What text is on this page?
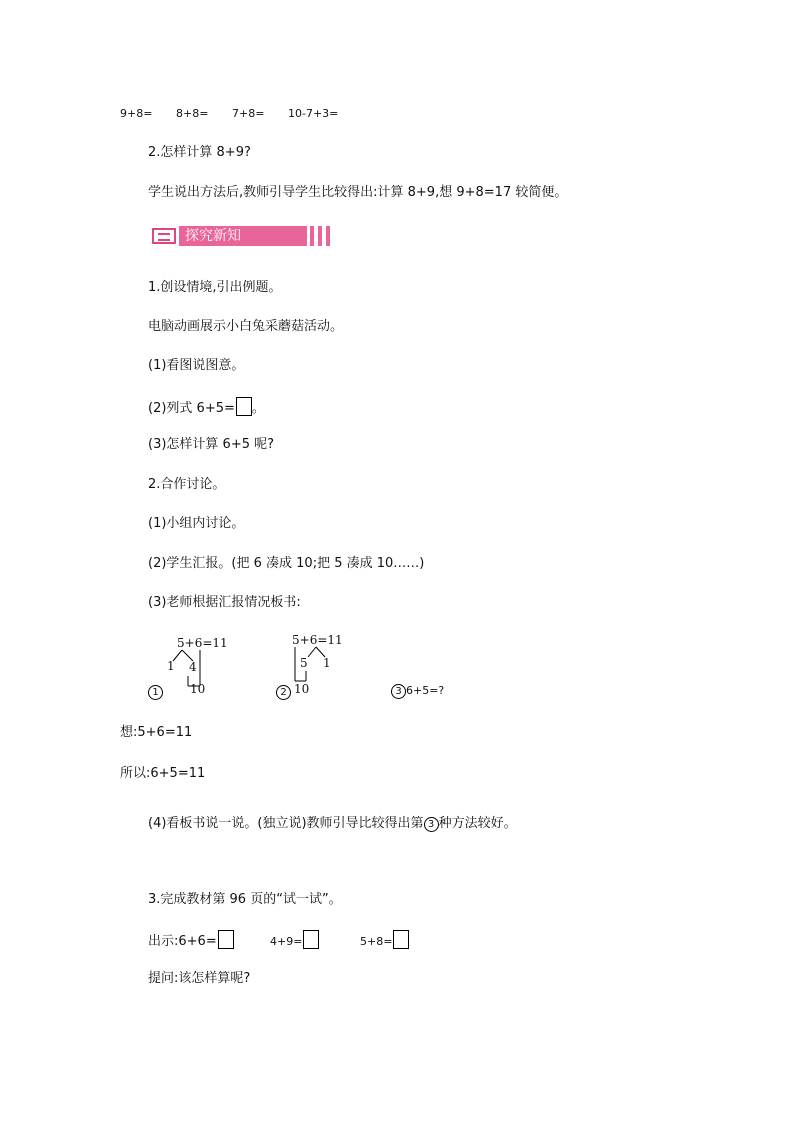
9+8= 8+8= 7+8= 10-7+3=
2.怎样计算 8+9?
学生说出方法后,教师引导学生比较得出:计算 8+9,想 9+8=17 较简便。
探究新知
1.创设情境,引出例题。
电脑动画展示小白兔采蘑菇活动。
(1)看图说图意。
(2)列式 6+5= 。
(3)怎样计算 6+5 呢?
2.合作讨论。
(1)小组内讨论。
(2)学生汇报。(把 6 凑成 10;把 5 凑成 10……)
(3)老师根据汇报情况板书:
5+6=11
1 4
10
1
5+6=11
5 1
10
2	3 6+5=?
想:5+6=11
所以:6+5=11
(4)看板书说一说。(独立说)教师引导比较得出第 3 种方法较好。
3.完成教材第 96 页的“试一试”。
出示:6+6=	4+9=	5+8=
提问:该怎样算呢?
